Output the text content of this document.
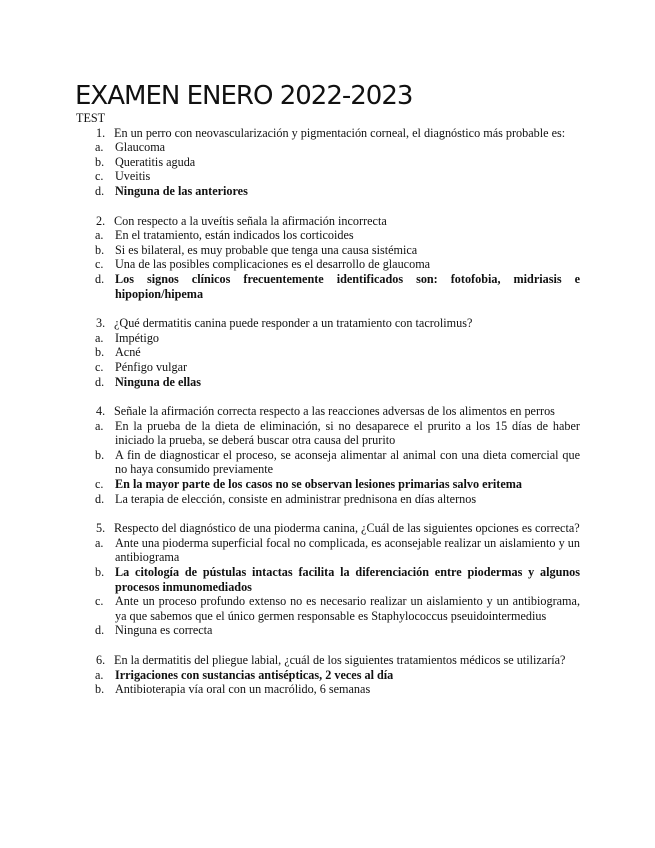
EXAMEN ENERO 2022-2023

TEST

1. En un perro con neovascularización y pigmentación corneal, el diagnóstico más probable es:

a. Glaucoma
b. Queratitis aguda
c. Uveitis
d. Ninguna de las anteriores
2. Con respecto a la uveítis señala la afirmación incorrecta

a. En el tratamiento, están indicados los corticoides
b. Si es bilateral, es muy probable que tenga una causa sistémica
c. Una de las posibles complicaciones es el desarrollo de glaucoma
d. Los signos clínicos frecuentemente identificados son: fotofobia, midriasis e hipopion/hipema
3. ¿Qué dermatitis canina puede responder a un tratamiento con tacrolimus?

a. Impétigo
b. Acné
c. Pénfigo vulgar
d. Ninguna de ellas
4. Señale la afirmación correcta respecto a las reacciones adversas de los alimentos en perros

a. En la prueba de la dieta de eliminación, si no desaparece el prurito a los 15 días de haber iniciado la prueba, se deberá buscar otra causa del prurito
b. A fin de diagnosticar el proceso, se aconseja alimentar al animal con una dieta comercial que no haya consumido previamente
c. En la mayor parte de los casos no se observan lesiones primarias salvo eritema
d. La terapia de elección, consiste en administrar prednisona en días alternos
5. Respecto del diagnóstico de una pioderma canina, ¿Cuál de las siguientes opciones es correcta?

a. Ante una pioderma superficial focal no complicada, es aconsejable realizar un aislamiento y un antibiograma
b. La citología de pústulas intactas facilita la diferenciación entre piodermas y algunos procesos inmunomediados
c. Ante un proceso profundo extenso no es necesario realizar un aislamiento y un antibiograma, ya que sabemos que el único germen responsable es Staphylococcus pseuidointermedius
d. Ninguna es correcta
6. En la dermatitis del pliegue labial, ¿cuál de los siguientes tratamientos médicos se utilizaría?

a. Irrigaciones con sustancias antisépticas, 2 veces al día
b. Antibioterapia vía oral con un macrólido, 6 semanas
